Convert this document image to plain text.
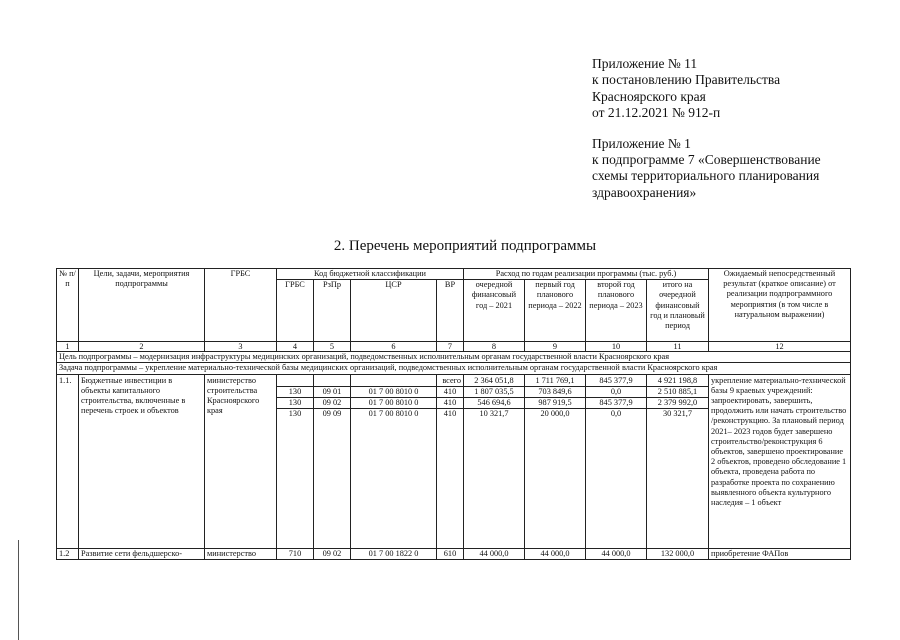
Приложение № 11
к постановлению Правительства
Красноярского края
от 21.12.2021 № 912-п
Приложение № 1
к подпрограмме 7 «Совершенствование
схемы территориального планирования
здравоохранения»
2. Перечень мероприятий подпрограммы
№ п/п	Цели, задачи, мероприятия подпрограммы	ГРБС	Код бюджетной классификации				Расход по годам реализации программы (тыс. руб.)				Ожидаемый непосредственный результат (краткое описание) от реализации подпрограммного мероприятия (в том числе в натуральном выражении)
			ГРБС	РзПр	ЦСР	ВР	очередной финансовый год – 2021	первый год планового периода – 2022	второй год планового периода – 2023	итого на очередной финансовый год и плановый период	
1	2	3	4	5	6	7	8	9	10	11	12
Цель подпрограммы – модернизация инфраструктуры медицинских организаций, подведомственных исполнительным органам государственной власти Красноярского края											
Задача подпрограммы – укрепление материально-технической базы медицинских организаций, подведомственных исполнительным органам государственной власти Красноярского края											
1.1.	Бюджетные инвестиции в объекты капитального строительства, включенные в перечень строек и объектов	министерство строительства Красноярского края				всего	2 364 051,8	1 711 769,1	845 377,9	4 921 198,8	укрепление материально-технической базы 9 краевых учреждений: запроектировать, завершить, продолжить или начать строительство /реконструкцию. За плановый период 2021– 2023 годов будет завершено строительство/реконструкция 6 объектов, завершено проектирование 2 объектов, проведено обследование 1 объекта, проведена работа по разработке проекта по сохранению выявленного объекта культурного наследия – 1 объект
			130	09 01	01 7 00 8010 0	410	1 807 035,5	703 849,6	0,0	2 510 885,1	
			130	09 02	01 7 00 8010 0	410	546 694,6	987 919,5	845 377,9	2 379 992,0	
			130	09 09	01 7 00 8010 0	410	10 321,7	20 000,0	0,0	30 321,7	
1.2	Развитие сети фельдшерско-	министерство	710	09 02	01 7 00 1822 0	610	44 000,0	44 000,0	44 000,0	132 000,0	приобретение ФАПов
